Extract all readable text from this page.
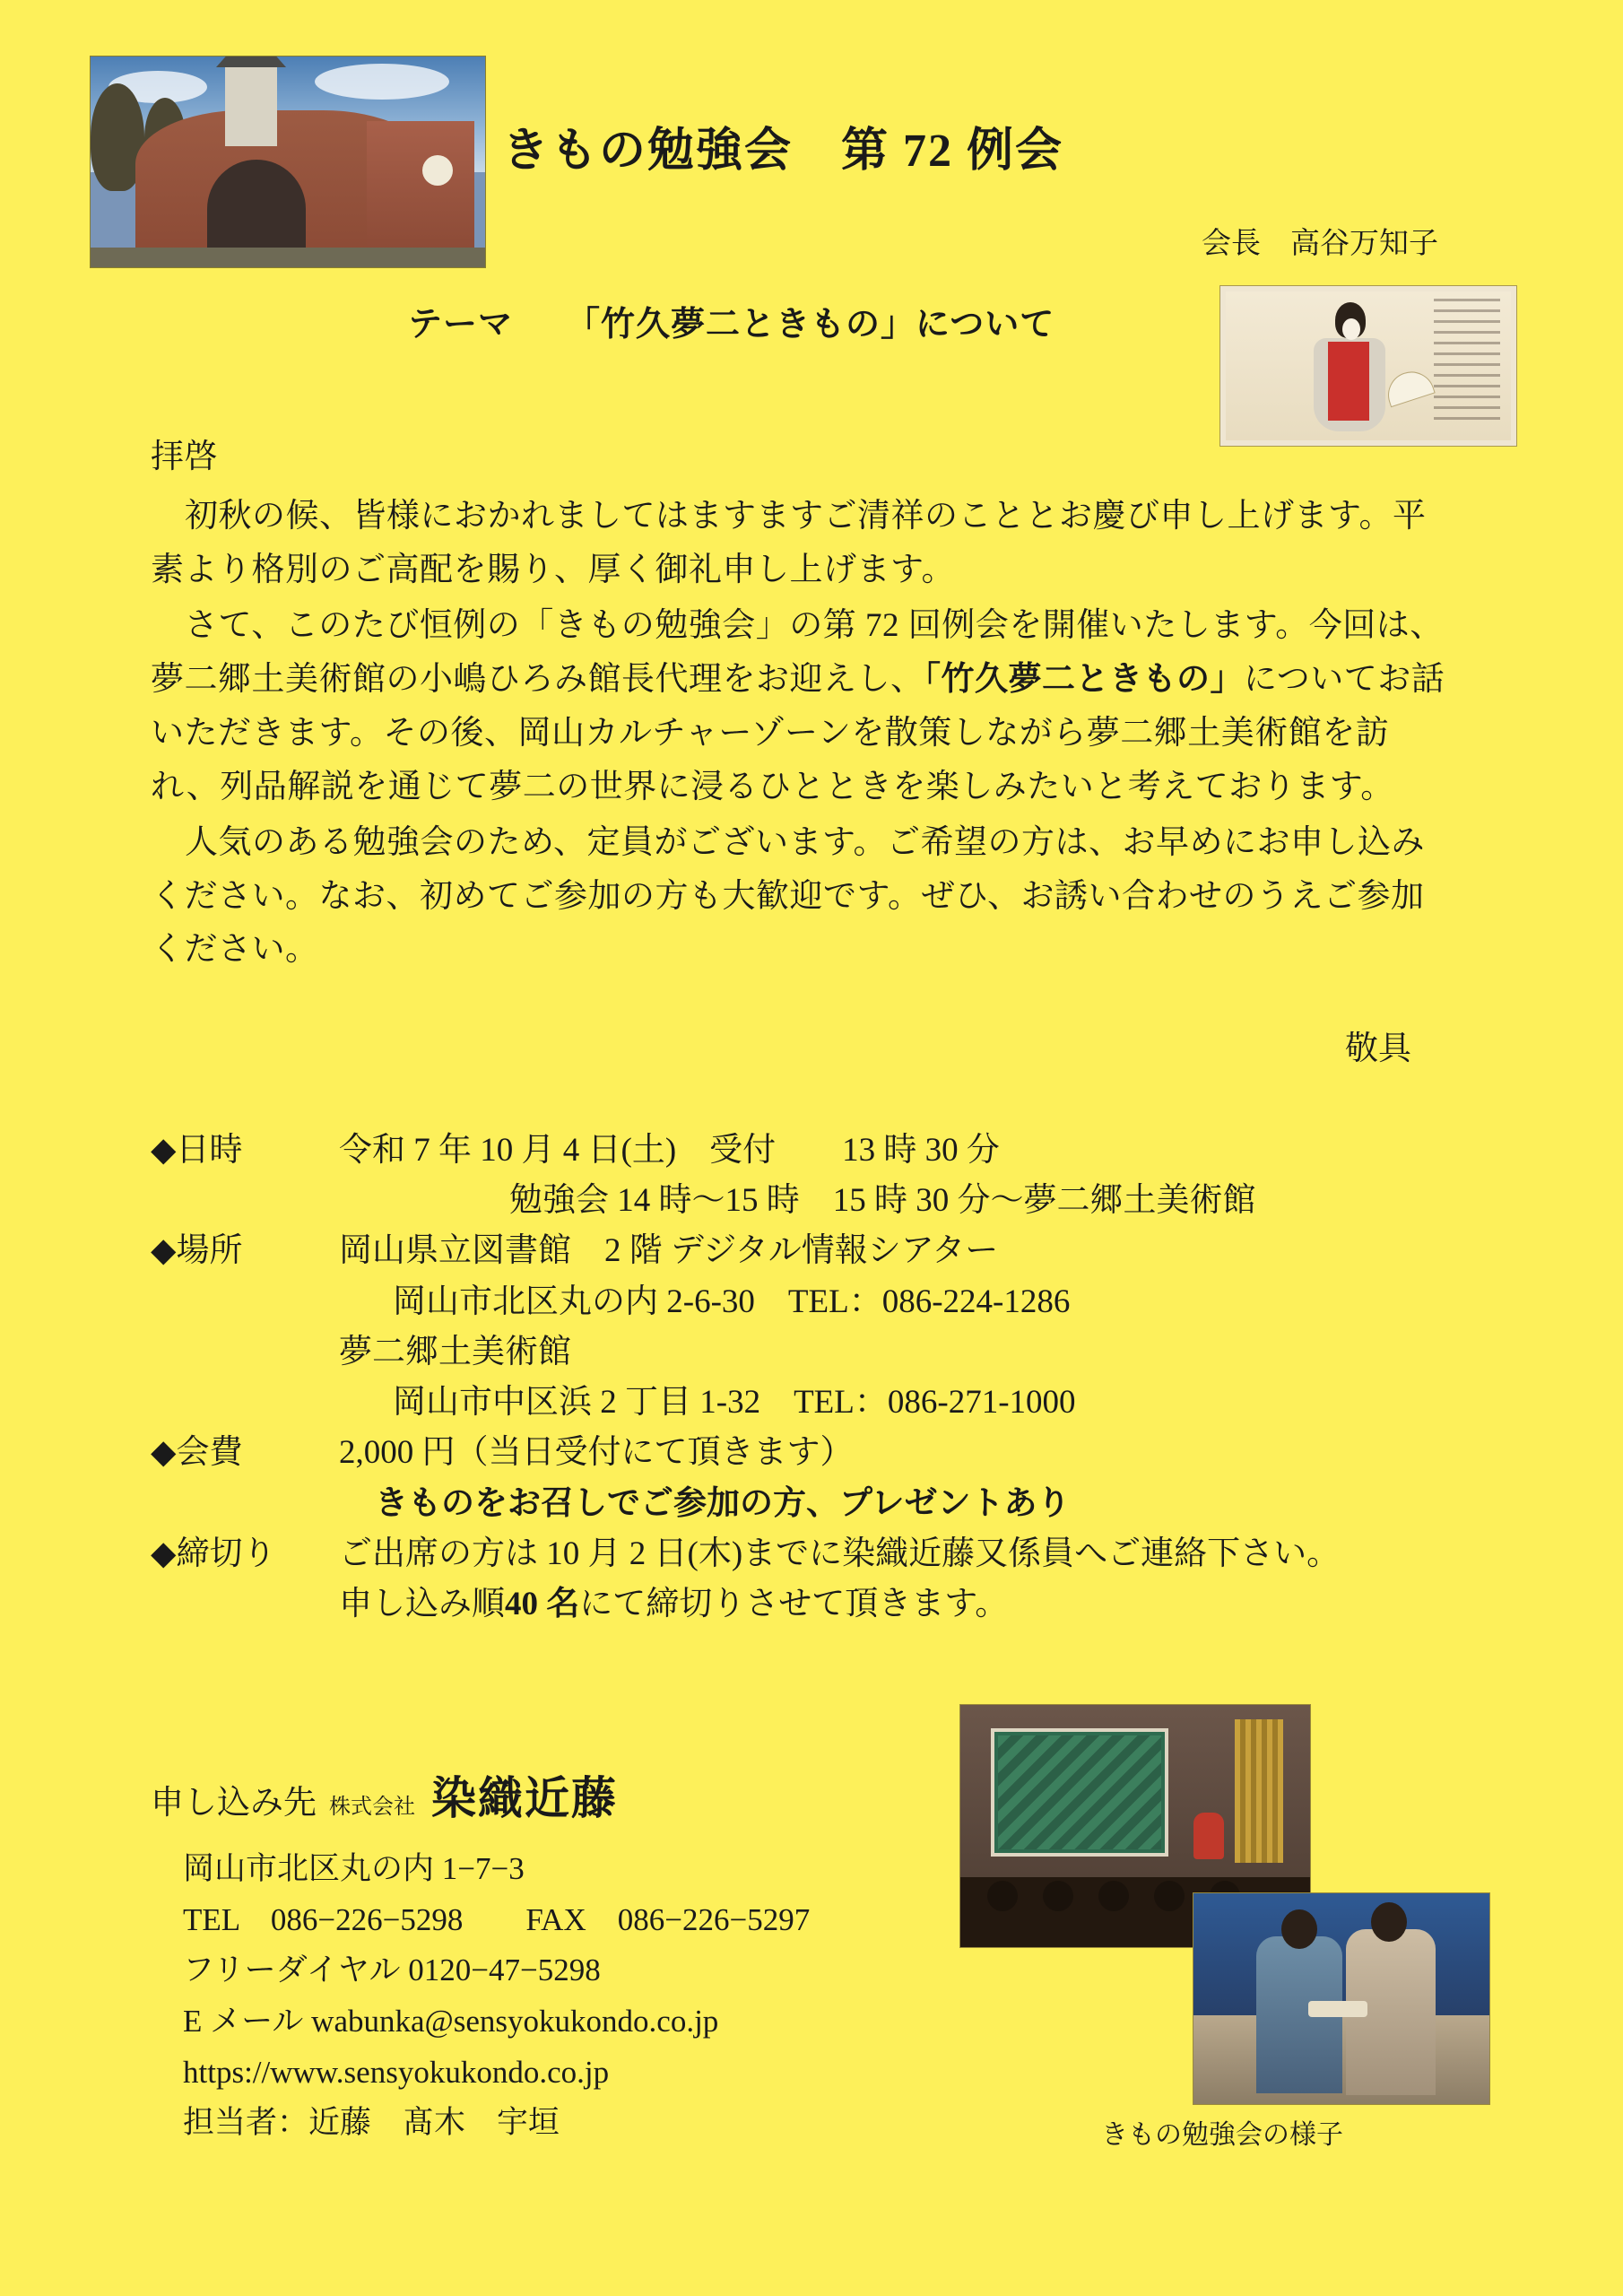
きもの勉強会　第 72 例会
会長　高谷万知子
テーマ　　「竹久夢二ときもの」について

拝啓

初秋の候、皆様におかれましてはますますご清祥のこととお慶び申し上げます。平素より格別のご高配を賜り、厚く御礼申し上げます。

さて、このたび恒例の「きもの勉強会」の第 72 回例会を開催いたします。今回は、夢二郷土美術館の小嶋ひろみ館長代理をお迎えし、「竹久夢二ときもの」についてお話いただきます。その後、岡山カルチャーゾーンを散策しながら夢二郷土美術館を訪れ、列品解説を通じて夢二の世界に浸るひとときを楽しみたいと考えております。

人気のある勉強会のため、定員がございます。ご希望の方は、お早めにお申し込みください。なお、初めてご参加の方も大歓迎です。ぜひ、お誘い合わせのうえご参加ください。

敬具
◆日時	令和 7 年 10 月 4 日(土)　受付　　13 時 30 分
勉強会 14 時〜15 時　15 時 30 分〜夢二郷土美術館
◆場所	岡山県立図書館　2 階 デジタル情報シアター
岡山市北区丸の内 2-6-30　TEL：086-224-1286
夢二郷土美術館
岡山市中区浜 2 丁目 1-32　TEL：086-271-1000
◆会費	2,000 円（当日受付にて頂きます）
きものをお召しでご参加の方、プレゼントあり
◆締切り	ご出席の方は 10 月 2 日(木)までに染織近藤又係員へご連絡下さい。
申し込み順40 名にて締切りさせて頂きます。
申し込み先 株式会社 染織近藤
岡山市北区丸の内 1−7−3
TEL　086−226−5298　　FAX　086−226−5297
フリーダイヤル 0120−47−5298
E メール wabunka@sensyokukondo.co.jp
https://www.sensyokukondo.co.jp
担当者：近藤　髙木　宇垣	きもの勉強会の様子
